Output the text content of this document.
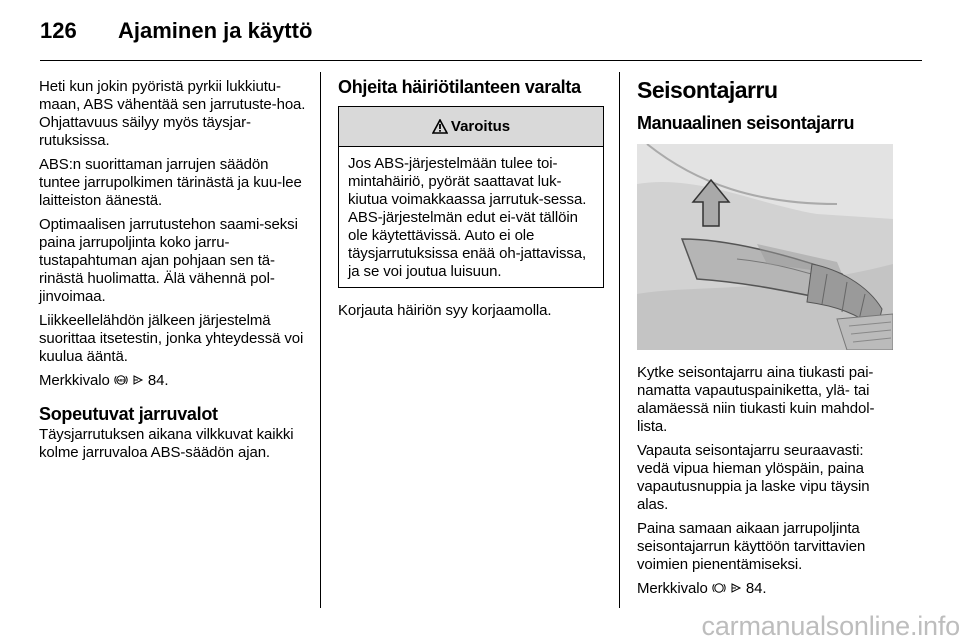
126 Ajaminen ja käyttö

Heti kun jokin pyöristä pyrkii lukkiutu-maan, ABS vähentää sen jarrutuste-hoa. Ohjattavuus säilyy myös täysjar-rutuksissa.

ABS:n suorittaman jarrujen säädön tuntee jarrupolkimen tärinästä ja kuu-lee laitteiston äänestä.

Optimaalisen jarrutustehon saami-seksi paina jarrupoljinta koko jarru-tustapahtuman ajan pohjaan sen tä-rinästä huolimatta. Älä vähennä pol-jinvoimaa.

Liikkeellelähdön jälkeen järjestelmä suorittaa itsetestin, jonka yhteydessä voi kuulua ääntä.

Merkkivalo ABS 84.

Sopeutuvat jarruvalot

Täysjarrutuksen aikana vilkkuvat kaikki kolme jarruvaloa ABS-säädön ajan.

Ohjeita häiriötilanteen varalta
Varoitus
Jos ABS-järjestelmään tulee toi-mintahäiriö, pyörät saattavat luk-kiutua voimakkaassa jarrutuk-sessa. ABS-järjestelmän edut ei-vät tällöin ole käytettävissä. Auto ei ole täysjarrutuksissa enää oh-jattavissa, ja se voi joutua luisuun.

Korjauta häiriön syy korjaamolla.

Seisontajarru
Manuaalinen seisontajarru

Kytke seisontajarru aina tiukasti pai-namatta vapautuspainiketta, ylä- tai alamäessä niin tiukasti kuin mahdol-lista.

Vapauta seisontajarru seuraavasti: vedä vipua hieman ylöspäin, paina vapautusnuppia ja laske vipu täysin alas.

Paina samaan aikaan jarrupoljinta seisontajarrun käyttöön tarvittavien voimien pienentämiseksi.

Merkkivalo	84.

carmanualsonline.info
